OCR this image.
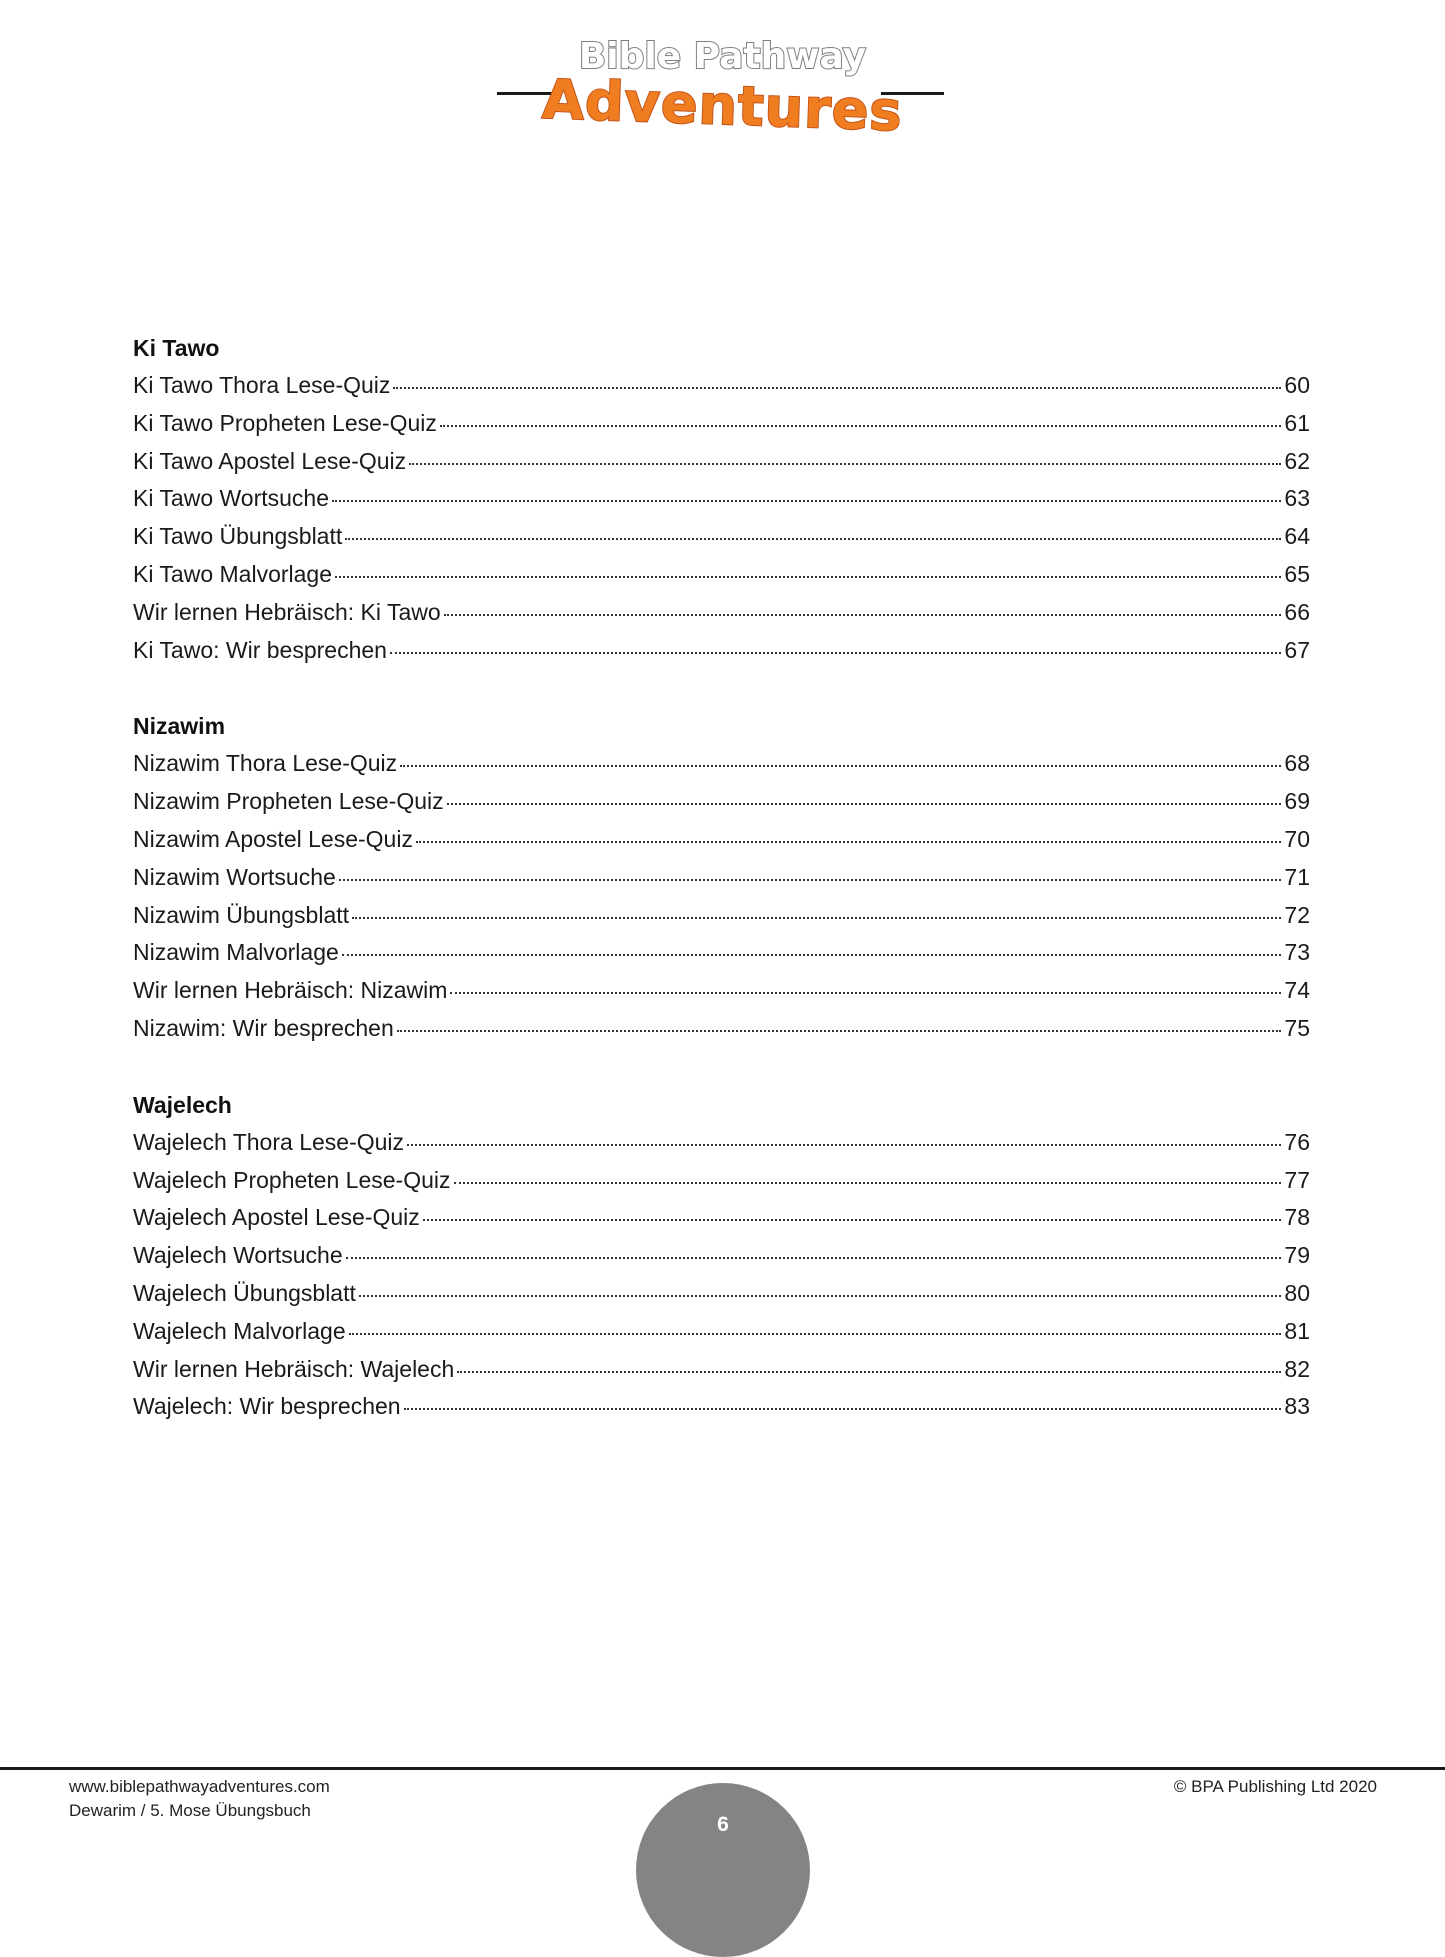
Bible Pathway
Adventures
Ki Tawo
Ki Tawo Thora Lese-Quiz	60
Ki Tawo Propheten Lese-Quiz	61
Ki Tawo Apostel Lese-Quiz	62
Ki Tawo Wortsuche	63
Ki Tawo Übungsblatt	64
Ki Tawo Malvorlage	65
Wir lernen Hebräisch: Ki Tawo	66
Ki Tawo: Wir besprechen	67
Nizawim
Nizawim Thora Lese-Quiz	68
Nizawim Propheten Lese-Quiz	69
Nizawim Apostel Lese-Quiz	70
Nizawim Wortsuche	71
Nizawim Übungsblatt	72
Nizawim Malvorlage	73
Wir lernen Hebräisch: Nizawim	74
Nizawim: Wir besprechen	75
Wajelech
Wajelech Thora Lese-Quiz	76
Wajelech Propheten Lese-Quiz	77
Wajelech Apostel Lese-Quiz	78
Wajelech Wortsuche	79
Wajelech Übungsblatt	80
Wajelech Malvorlage	81
Wir lernen Hebräisch: Wajelech	82
Wajelech: Wir besprechen	83
www.biblepathwayadventures.com
Dewarim / 5. Mose Übungsbuch
© BPA Publishing Ltd 2020
6
